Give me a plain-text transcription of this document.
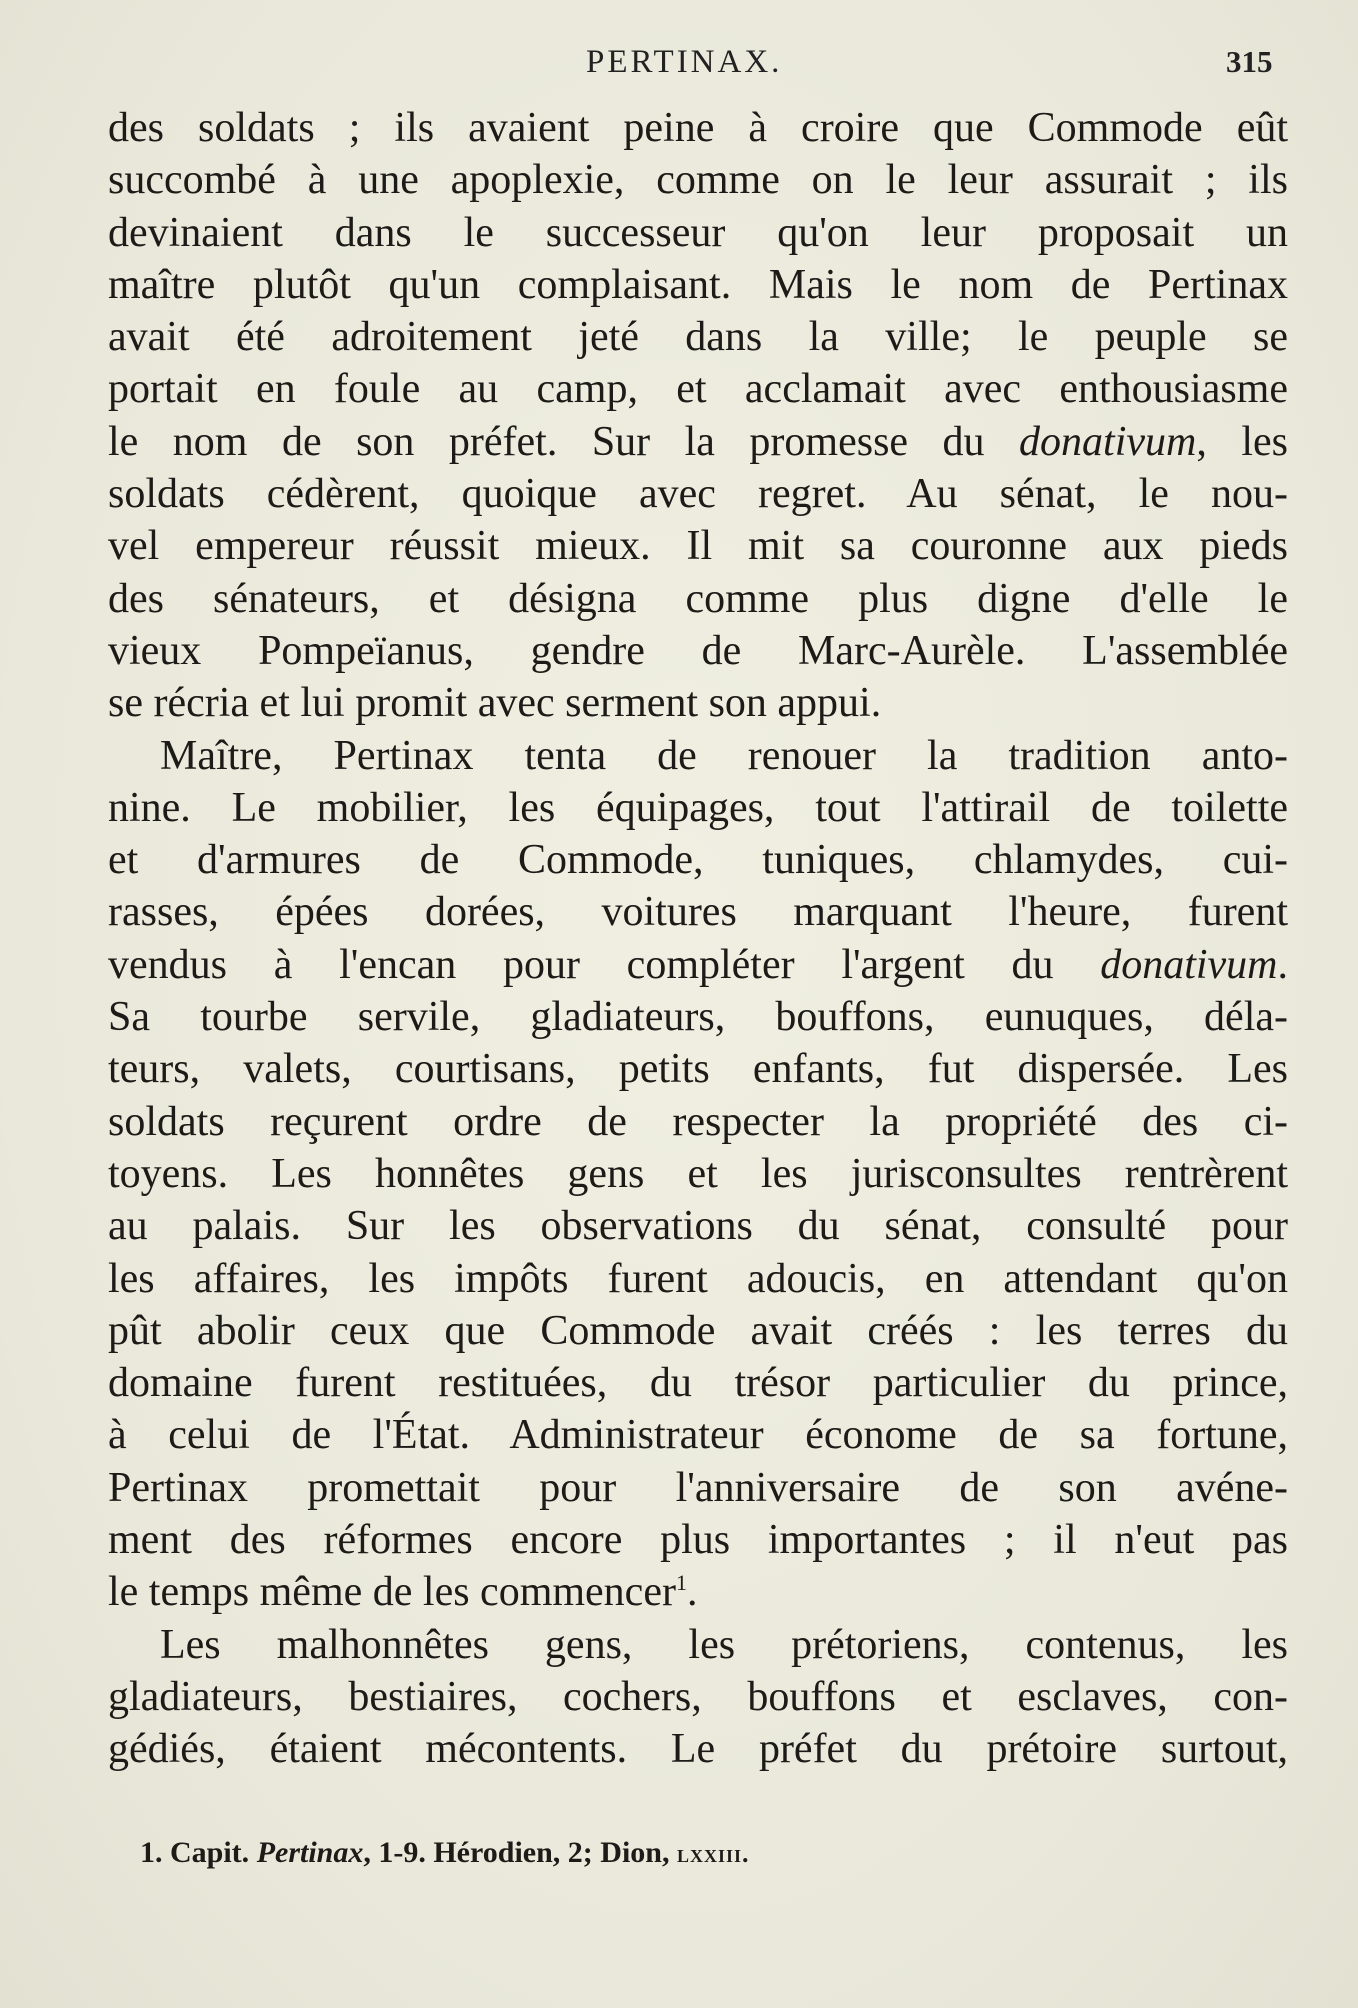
PERTINAX.	315
des soldats ; ils avaient peine à croire que Commode eût
succombé à une apoplexie, comme on le leur assurait ; ils
devinaient dans le successeur qu'on leur proposait un
maître plutôt qu'un complaisant. Mais le nom de Pertinax
avait été adroitement jeté dans la ville; le peuple se
portait en foule au camp, et acclamait avec enthousiasme
le nom de son préfet. Sur la promesse du donativum, les
soldats cédèrent, quoique avec regret. Au sénat, le nou-
vel empereur réussit mieux. Il mit sa couronne aux pieds
des sénateurs, et désigna comme plus digne d'elle le
vieux Pompeïanus, gendre de Marc-Aurèle. L'assemblée
se récria et lui promit avec serment son appui.
Maître, Pertinax tenta de renouer la tradition anto-
nine. Le mobilier, les équipages, tout l'attirail de toilette
et d'armures de Commode, tuniques, chlamydes, cui-
rasses, épées dorées, voitures marquant l'heure, furent
vendus à l'encan pour compléter l'argent du donativum.
Sa tourbe servile, gladiateurs, bouffons, eunuques, déla-
teurs, valets, courtisans, petits enfants, fut dispersée. Les
soldats reçurent ordre de respecter la propriété des ci-
toyens. Les honnêtes gens et les jurisconsultes rentrèrent
au palais. Sur les observations du sénat, consulté pour
les affaires, les impôts furent adoucis, en attendant qu'on
pût abolir ceux que Commode avait créés : les terres du
domaine furent restituées, du trésor particulier du prince,
à celui de l'État. Administrateur économe de sa fortune,
Pertinax promettait pour l'anniversaire de son avéne-
ment des réformes encore plus importantes ; il n'eut pas
le temps même de les commencer$^1$.
Les malhonnêtes gens, les prétoriens, contenus, les
gladiateurs, bestiaires, cochers, bouffons et esclaves, con-
gédiés, étaient mécontents. Le préfet du prétoire surtout,
1. Capit. Pertinax, 1-9. Hérodien, 2; Dion, lxxiii.
